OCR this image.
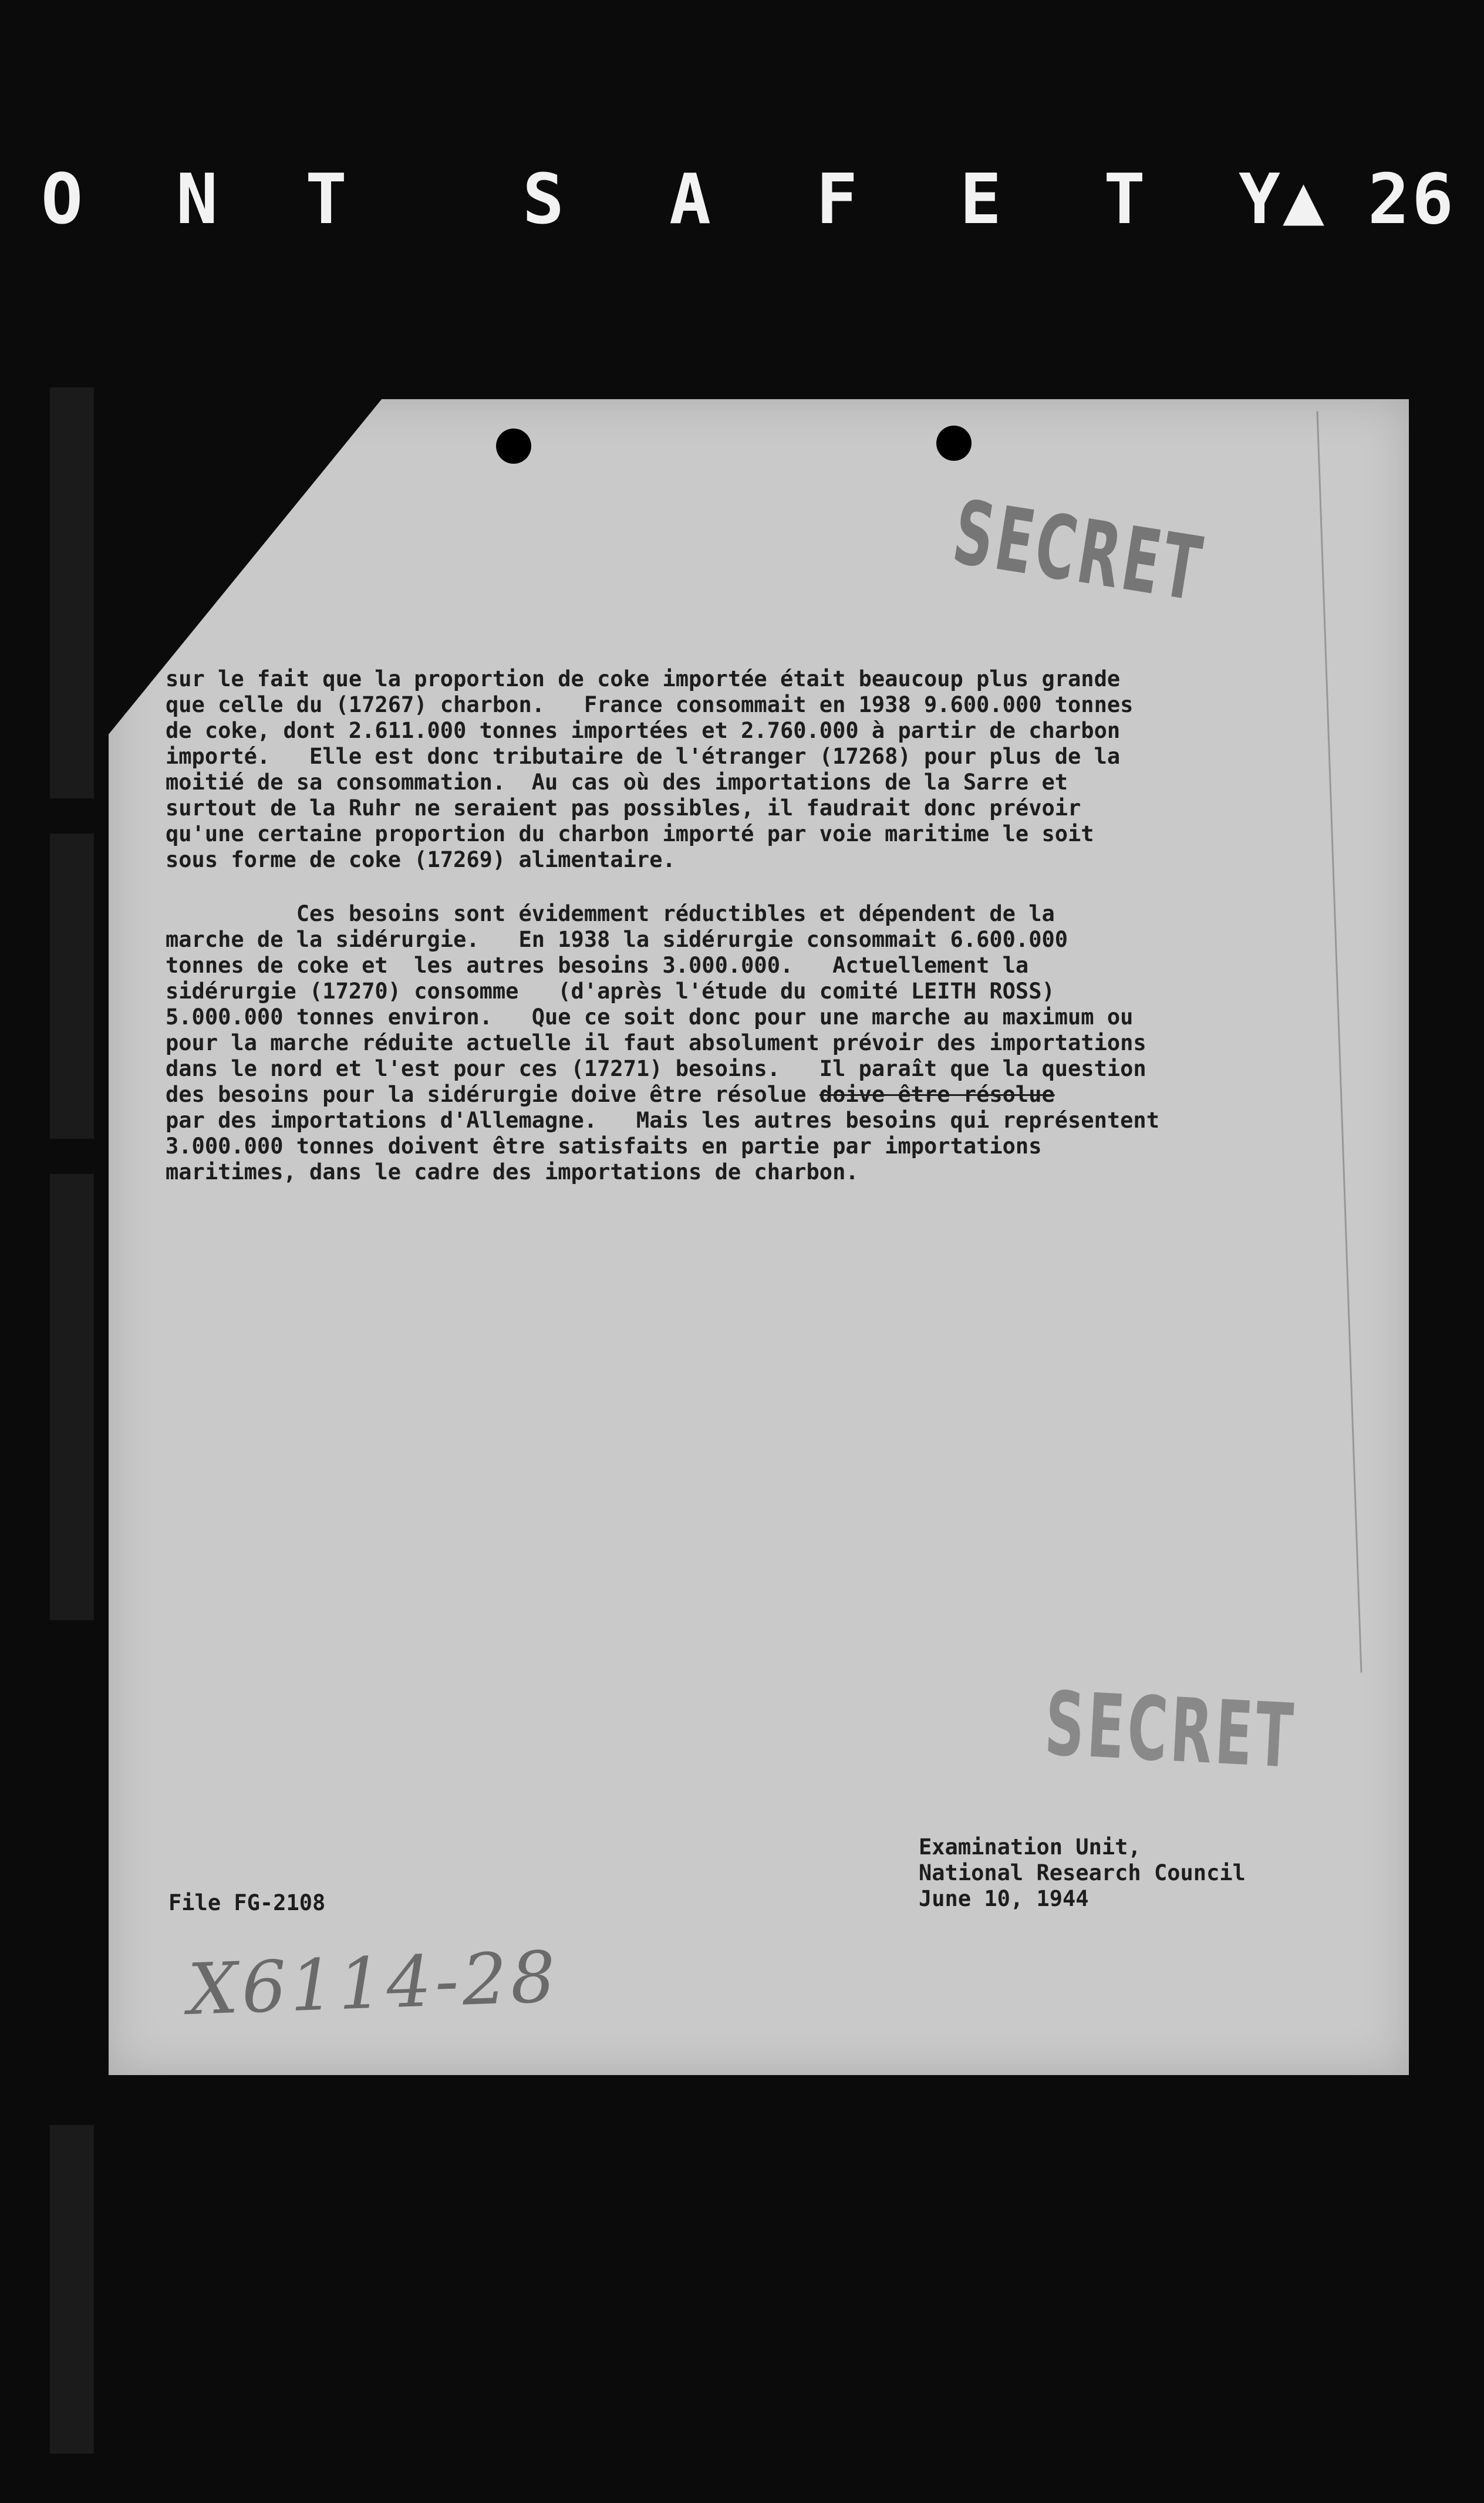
O

N

T

S

A

F

E

T

Y▲

26

SECRET
sur le fait que la proportion de coke importée était beaucoup plus grande
que celle du (17267) charbon.   France consommait en 1938 9.600.000 tonnes
de coke, dont 2.611.000 tonnes importées et 2.760.000 à partir de charbon
importé.   Elle est donc tributaire de l'étranger (17268) pour plus de la
moitié de sa consommation.  Au cas où des importations de la Sarre et
surtout de la Ruhr ne seraient pas possibles, il faudrait donc prévoir
qu'une certaine proportion du charbon importé par voie maritime le soit
sous forme de coke (17269) alimentaire.
Ces besoins sont évidemment réductibles et dépendent de la
marche de la sidérurgie.   En 1938 la sidérurgie consommait 6.600.000
tonnes de coke et  les autres besoins 3.000.000.   Actuellement la
sidérurgie (17270) consomme   (d'après l'étude du comité LEITH ROSS)
5.000.000 tonnes environ.   Que ce soit donc pour une marche au maximum ou
pour la marche réduite actuelle il faut absolument prévoir des importations
dans le nord et l'est pour ces (17271) besoins.   Il paraît que la question
des besoins pour la sidérurgie doive être résolue doive être résolue
par des importations d'Allemagne.   Mais les autres besoins qui représentent
3.000.000 tonnes doivent être satisfaits en partie par importations
maritimes, dans le cadre des importations de charbon.
SECRET
Examination Unit,
National Research Council
June 10, 1944
File FG-2108
X6114-28
